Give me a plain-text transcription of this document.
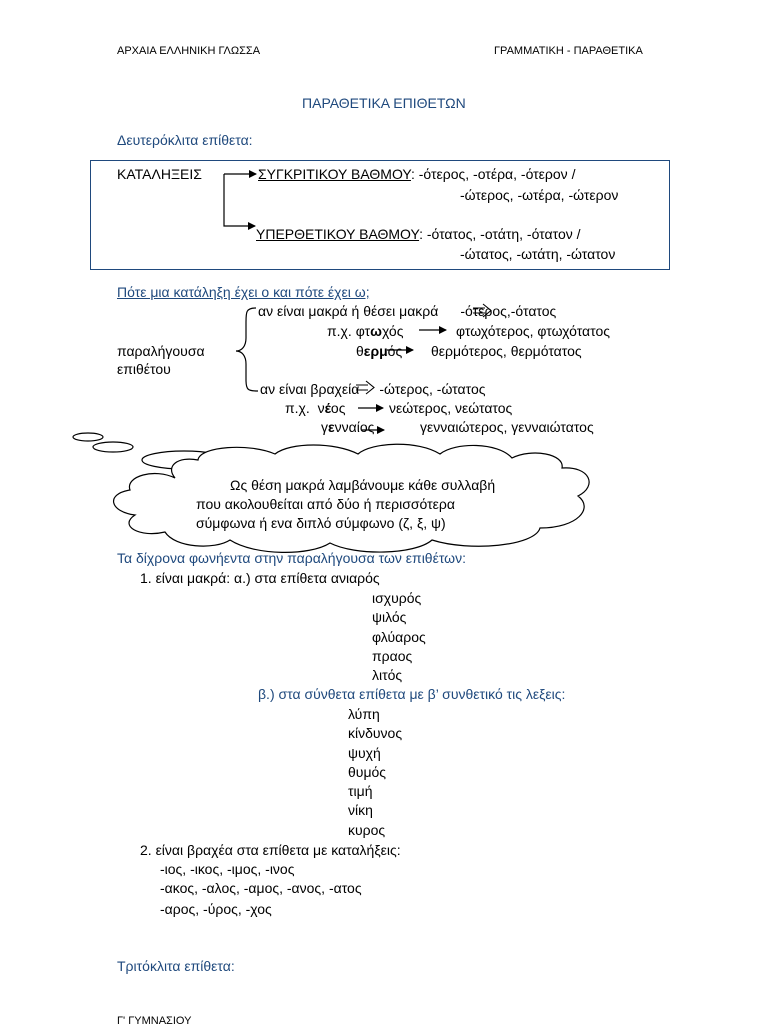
ΑΡΧΑΙΑ ΕΛΛΗΝΙΚΗ ΓΛΩΣΣΑ	ΓΡΑΜΜΑΤΙΚΗ - ΠΑΡΑΘΕΤΙΚΑ
ΠΑΡΑΘΕΤΙΚΑ ΕΠΙΘΕΤΩΝ
Δευτερόκλιτα επίθετα:
ΚΑΤΑΛΗΞΕΙΣ	ΣΥΓΚΡΙΤΙΚΟΥ ΒΑΘΜΟΥ: -ότερος, -οτέρα, -ότερον /
-ώτερος, -ωτέρα, -ώτερον
ΥΠΕΡΘΕΤΙΚΟΥ ΒΑΘΜΟΥ: -ότατος, -οτάτη, -ότατον /
-ώτατος, -ωτάτη, -ώτατον
Πότε μια κατάληξη έχει ο και πότε έχει ω;
αν είναι μακρά ή θέσει μακρά -ότερος,-ότατος
π.χ. φτωχός	φτωχότερος, φτωχότατος
παραλήγουσα
επιθέτου
θερμός θερμότερος, θερμότατος
αν είναι βραχεία -ώτερος, -ώτατος
π.χ. νέος	νεώτερος, νεώτατος
γενναίος	γενναιώτερος, γενναιώτατος
Ως θέση μακρά λαμβάνουμε κάθε συλλαβή
που ακολουθείται από δύο ή περισσότερα
σύμφωνα ή ενα διπλό σύμφωνο (ζ, ξ, ψ)
Τα δίχρονα φωνήεντα στην παραλήγουσα των επιθέτων:
1. είναι μακρά: α.) στα επίθετα ανιαρός
ισχυρός
ψιλός
φλύαρος
πραος
λιτός
β.) στα σύνθετα επίθετα με β’ συνθετικό τις λεξεις:
λύπη
κίνδυνος
ψυχή
θυμός
τιμή
νίκη
κυρος
2. είναι βραχέα στα επίθετα με καταλήξεις:
-ιος, -ικος, -ιμος, -ινος
-ακος, -αλος, -αμος, -ανος, -ατος
-αρος, -ύρος, -χος
Τριτόκλιτα επίθετα:
Γ' ΓΥΜΝΑΣΙΟΥ
